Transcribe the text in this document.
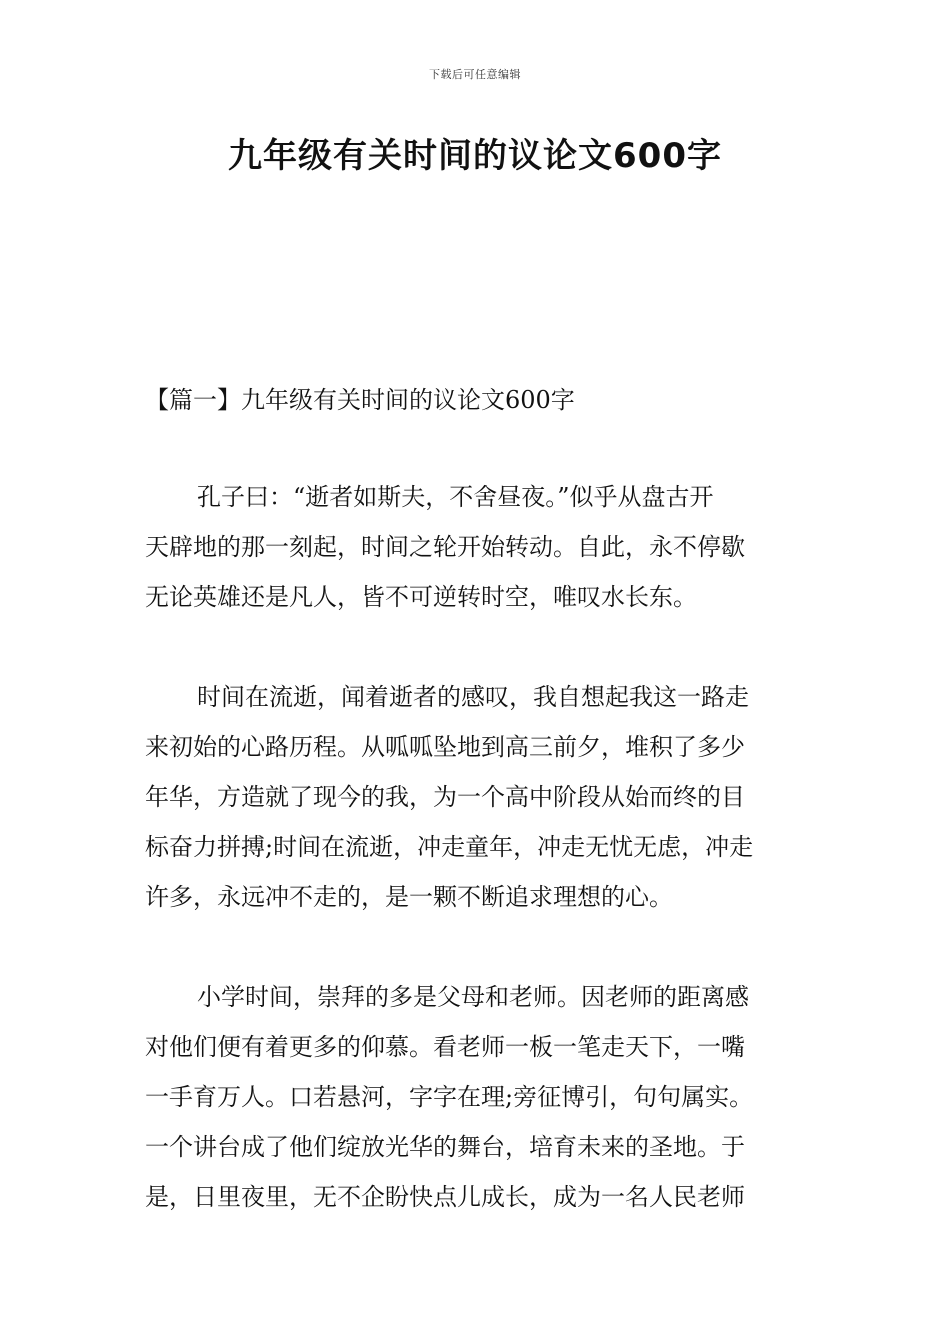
下载后可任意编辑
九年级有关时间的议论文600字
【篇一】九年级有关时间的议论文600字
孔子曰：“逝者如斯夫，不舍昼夜。”似乎从盘古开
天辟地的那一刻起，时间之轮开始转动。自此，永不停歇
无论英雄还是凡人，皆不可逆转时空，唯叹水长东。
时间在流逝，闻着逝者的感叹，我自想起我这一路走
来初始的心路历程。从呱呱坠地到高三前夕，堆积了多少
年华，方造就了现今的我，为一个高中阶段从始而终的目
标奋力拼搏;时间在流逝，冲走童年，冲走无忧无虑，冲走
许多，永远冲不走的，是一颗不断追求理想的心。
小学时间，崇拜的多是父母和老师。因老师的距离感
对他们便有着更多的仰慕。看老师一板一笔走天下，一嘴
一手育万人。口若悬河，字字在理;旁征博引，句句属实。
一个讲台成了他们绽放光华的舞台，培育未来的圣地。于
是，日里夜里，无不企盼快点儿成长，成为一名人民老师
